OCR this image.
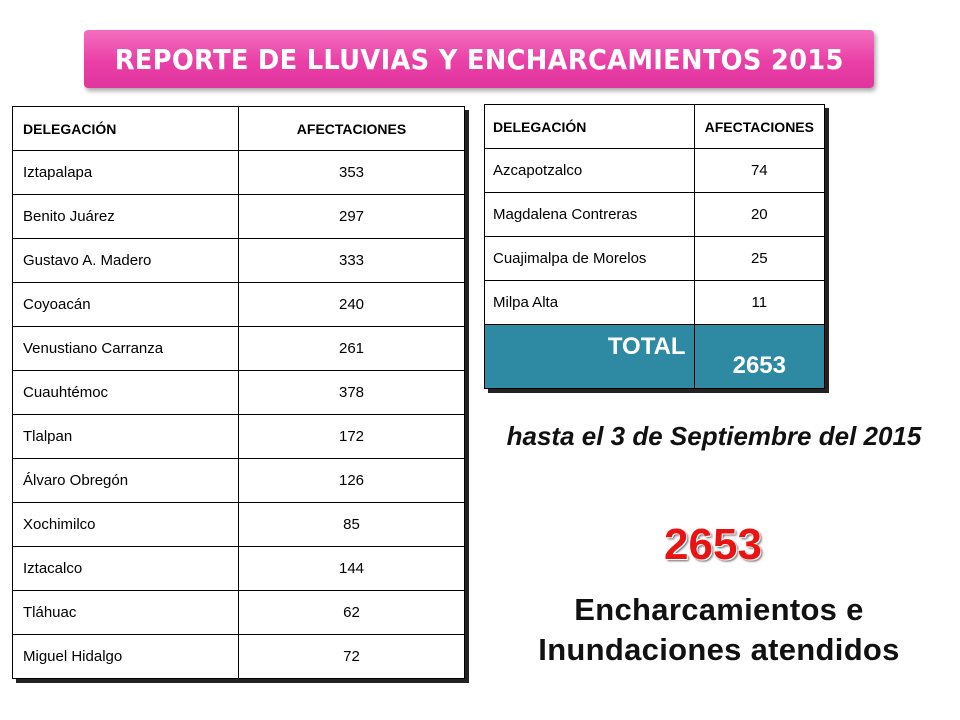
REPORTE DE LLUVIAS Y ENCHARCAMIENTOS 2015
DELEGACIÓN	AFECTACIONES
Iztapalapa	353
Benito Juárez	297
Gustavo A. Madero	333
Coyoacán	240
Venustiano Carranza	261
Cuauhtémoc	378
Tlalpan	172
Álvaro Obregón	126
Xochimilco	85
Iztacalco	144
Tláhuac	62
Miguel Hidalgo	72
DELEGACIÓN	AFECTACIONES
Azcapotzalco	74
Magdalena Contreras	20
Cuajimalpa de Morelos	25
Milpa Alta	11
TOTAL	2653
hasta el 3 de Septiembre del 2015
2653
Encharcamientos e Inundaciones atendidos
